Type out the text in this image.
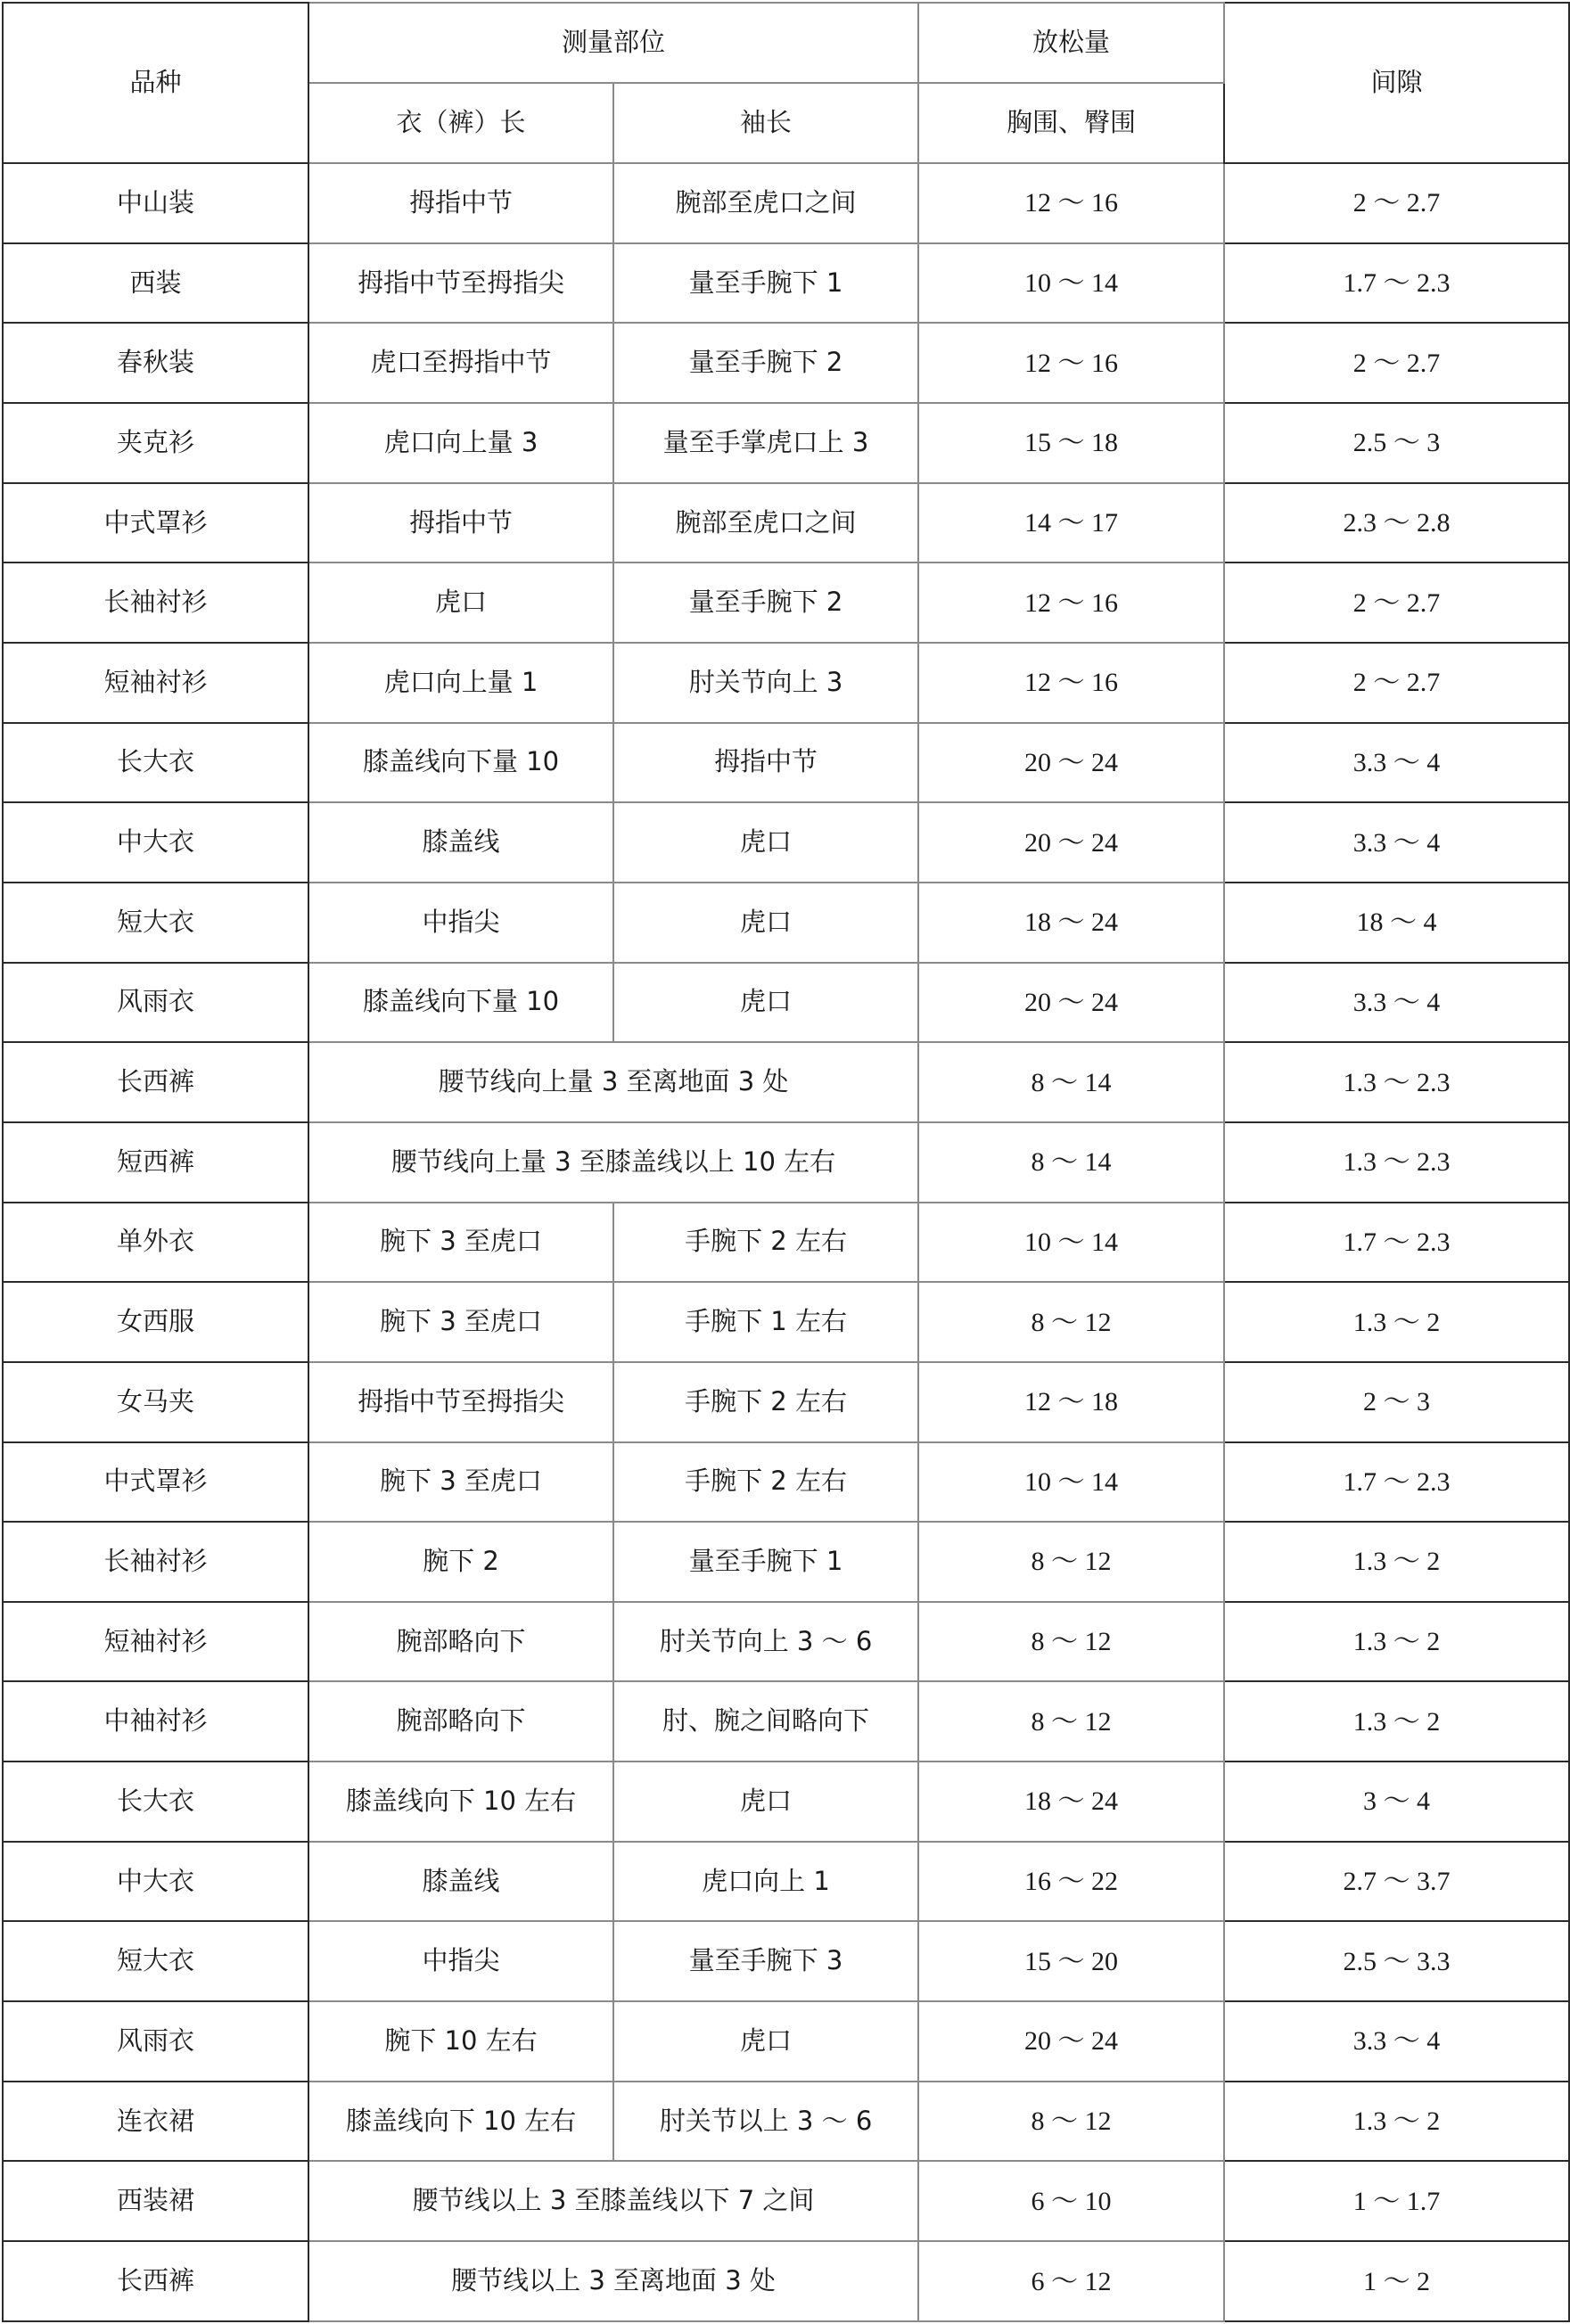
品种	测量部位		放松量	间隙
	衣（裤）长	袖长	胸围、臀围	
中山装	拇指中节	腕部至虎口之间	12 ～ 16	2 ～ 2.7
西装	拇指中节至拇指尖	量至手腕下 1	10 ～ 14	1.7 ～ 2.3
春秋装	虎口至拇指中节	量至手腕下 2	12 ～ 16	2 ～ 2.7
夹克衫	虎口向上量 3	量至手掌虎口上 3	15 ～ 18	2.5 ～ 3
中式罩衫	拇指中节	腕部至虎口之间	14 ～ 17	2.3 ～ 2.8
长袖衬衫	虎口	量至手腕下 2	12 ～ 16	2 ～ 2.7
短袖衬衫	虎口向上量 1	肘关节向上 3	12 ～ 16	2 ～ 2.7
长大衣	膝盖线向下量 10	拇指中节	20 ～ 24	3.3 ～ 4
中大衣	膝盖线	虎口	20 ～ 24	3.3 ～ 4
短大衣	中指尖	虎口	18 ～ 24	18 ～ 4
风雨衣	膝盖线向下量 10	虎口	20 ～ 24	3.3 ～ 4
长西裤	腰节线向上量 3 至离地面 3 处		8 ～ 14	1.3 ～ 2.3
短西裤	腰节线向上量 3 至膝盖线以上 10 左右		8 ～ 14	1.3 ～ 2.3
单外衣	腕下 3 至虎口	手腕下 2 左右	10 ～ 14	1.7 ～ 2.3
女西服	腕下 3 至虎口	手腕下 1 左右	8 ～ 12	1.3 ～ 2
女马夹	拇指中节至拇指尖	手腕下 2 左右	12 ～ 18	2 ～ 3
中式罩衫	腕下 3 至虎口	手腕下 2 左右	10 ～ 14	1.7 ～ 2.3
长袖衬衫	腕下 2	量至手腕下 1	8 ～ 12	1.3 ～ 2
短袖衬衫	腕部略向下	肘关节向上 3 ～ 6	8 ～ 12	1.3 ～ 2
中袖衬衫	腕部略向下	肘、腕之间略向下	8 ～ 12	1.3 ～ 2
长大衣	膝盖线向下 10 左右	虎口	18 ～ 24	3 ～ 4
中大衣	膝盖线	虎口向上 1	16 ～ 22	2.7 ～ 3.7
短大衣	中指尖	量至手腕下 3	15 ～ 20	2.5 ～ 3.3
风雨衣	腕下 10 左右	虎口	20 ～ 24	3.3 ～ 4
连衣裙	膝盖线向下 10 左右	肘关节以上 3 ～ 6	8 ～ 12	1.3 ～ 2
西装裙	腰节线以上 3 至膝盖线以下 7 之间		6 ～ 10	1 ～ 1.7
长西裤	腰节线以上 3 至离地面 3 处		6 ～ 12	1 ～ 2
